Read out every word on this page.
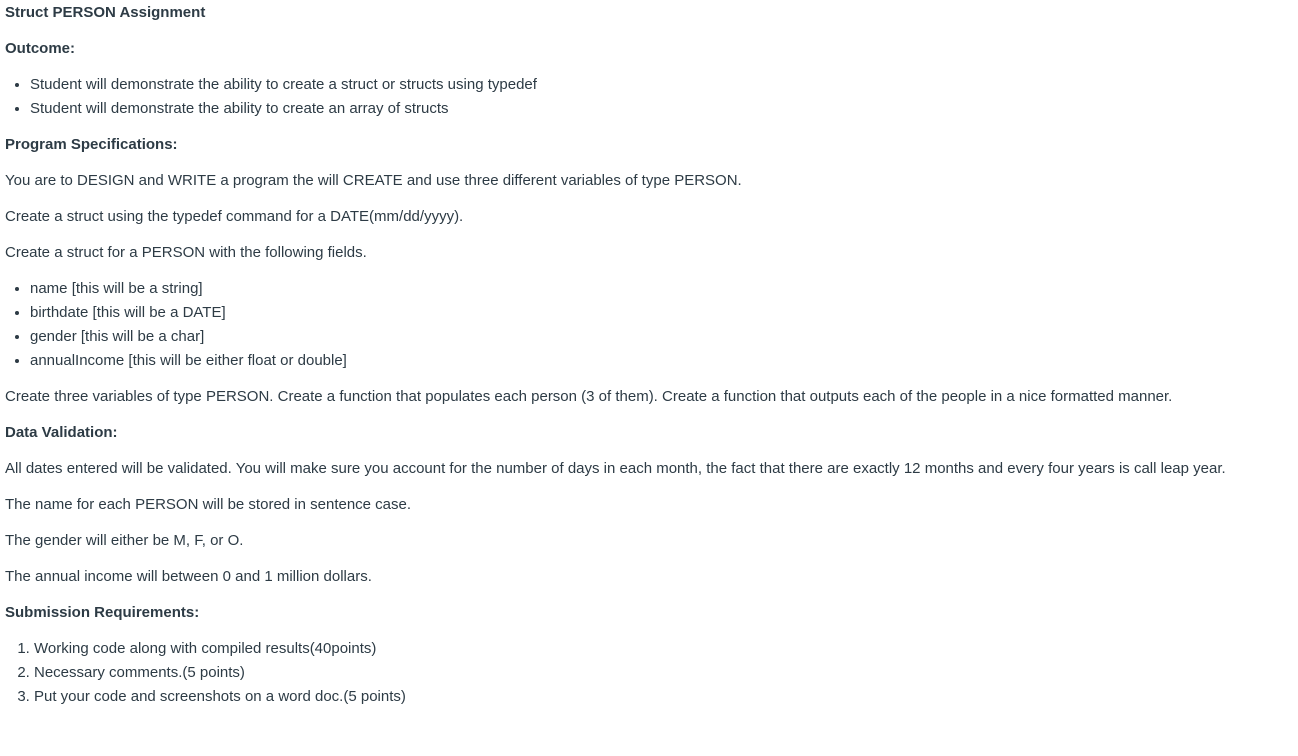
Struct PERSON Assignment
Outcome:
• Student will demonstrate the ability to create a struct or structs using typedef
• Student will demonstrate the ability to create an array of structs
Program Specifications:

You are to DESIGN and WRITE a program the will CREATE and use three different variables of type PERSON.

Create a struct using the typedef command for a DATE(mm/dd/yyyy).

Create a struct for a PERSON with the following fields.

• name [this will be a string]
• birthdate [this will be a DATE]
• gender [this will be a char]
• annualIncome [this will be either float or double]

Create three variables of type PERSON. Create a function that populates each person (3 of them). Create a function that outputs each of the people in a nice formatted manner.

Data Validation:

All dates entered will be validated. You will make sure you account for the number of days in each month, the fact that there are exactly 12 months and every four years is call leap year.

The name for each PERSON will be stored in sentence case.

The gender will either be M, F, or O.

The annual income will between 0 and 1 million dollars.

Submission Requirements:
1. Working code along with compiled results(40points)
2. Necessary comments.(5 points)
3. Put your code and screenshots on a word doc.(5 points)
